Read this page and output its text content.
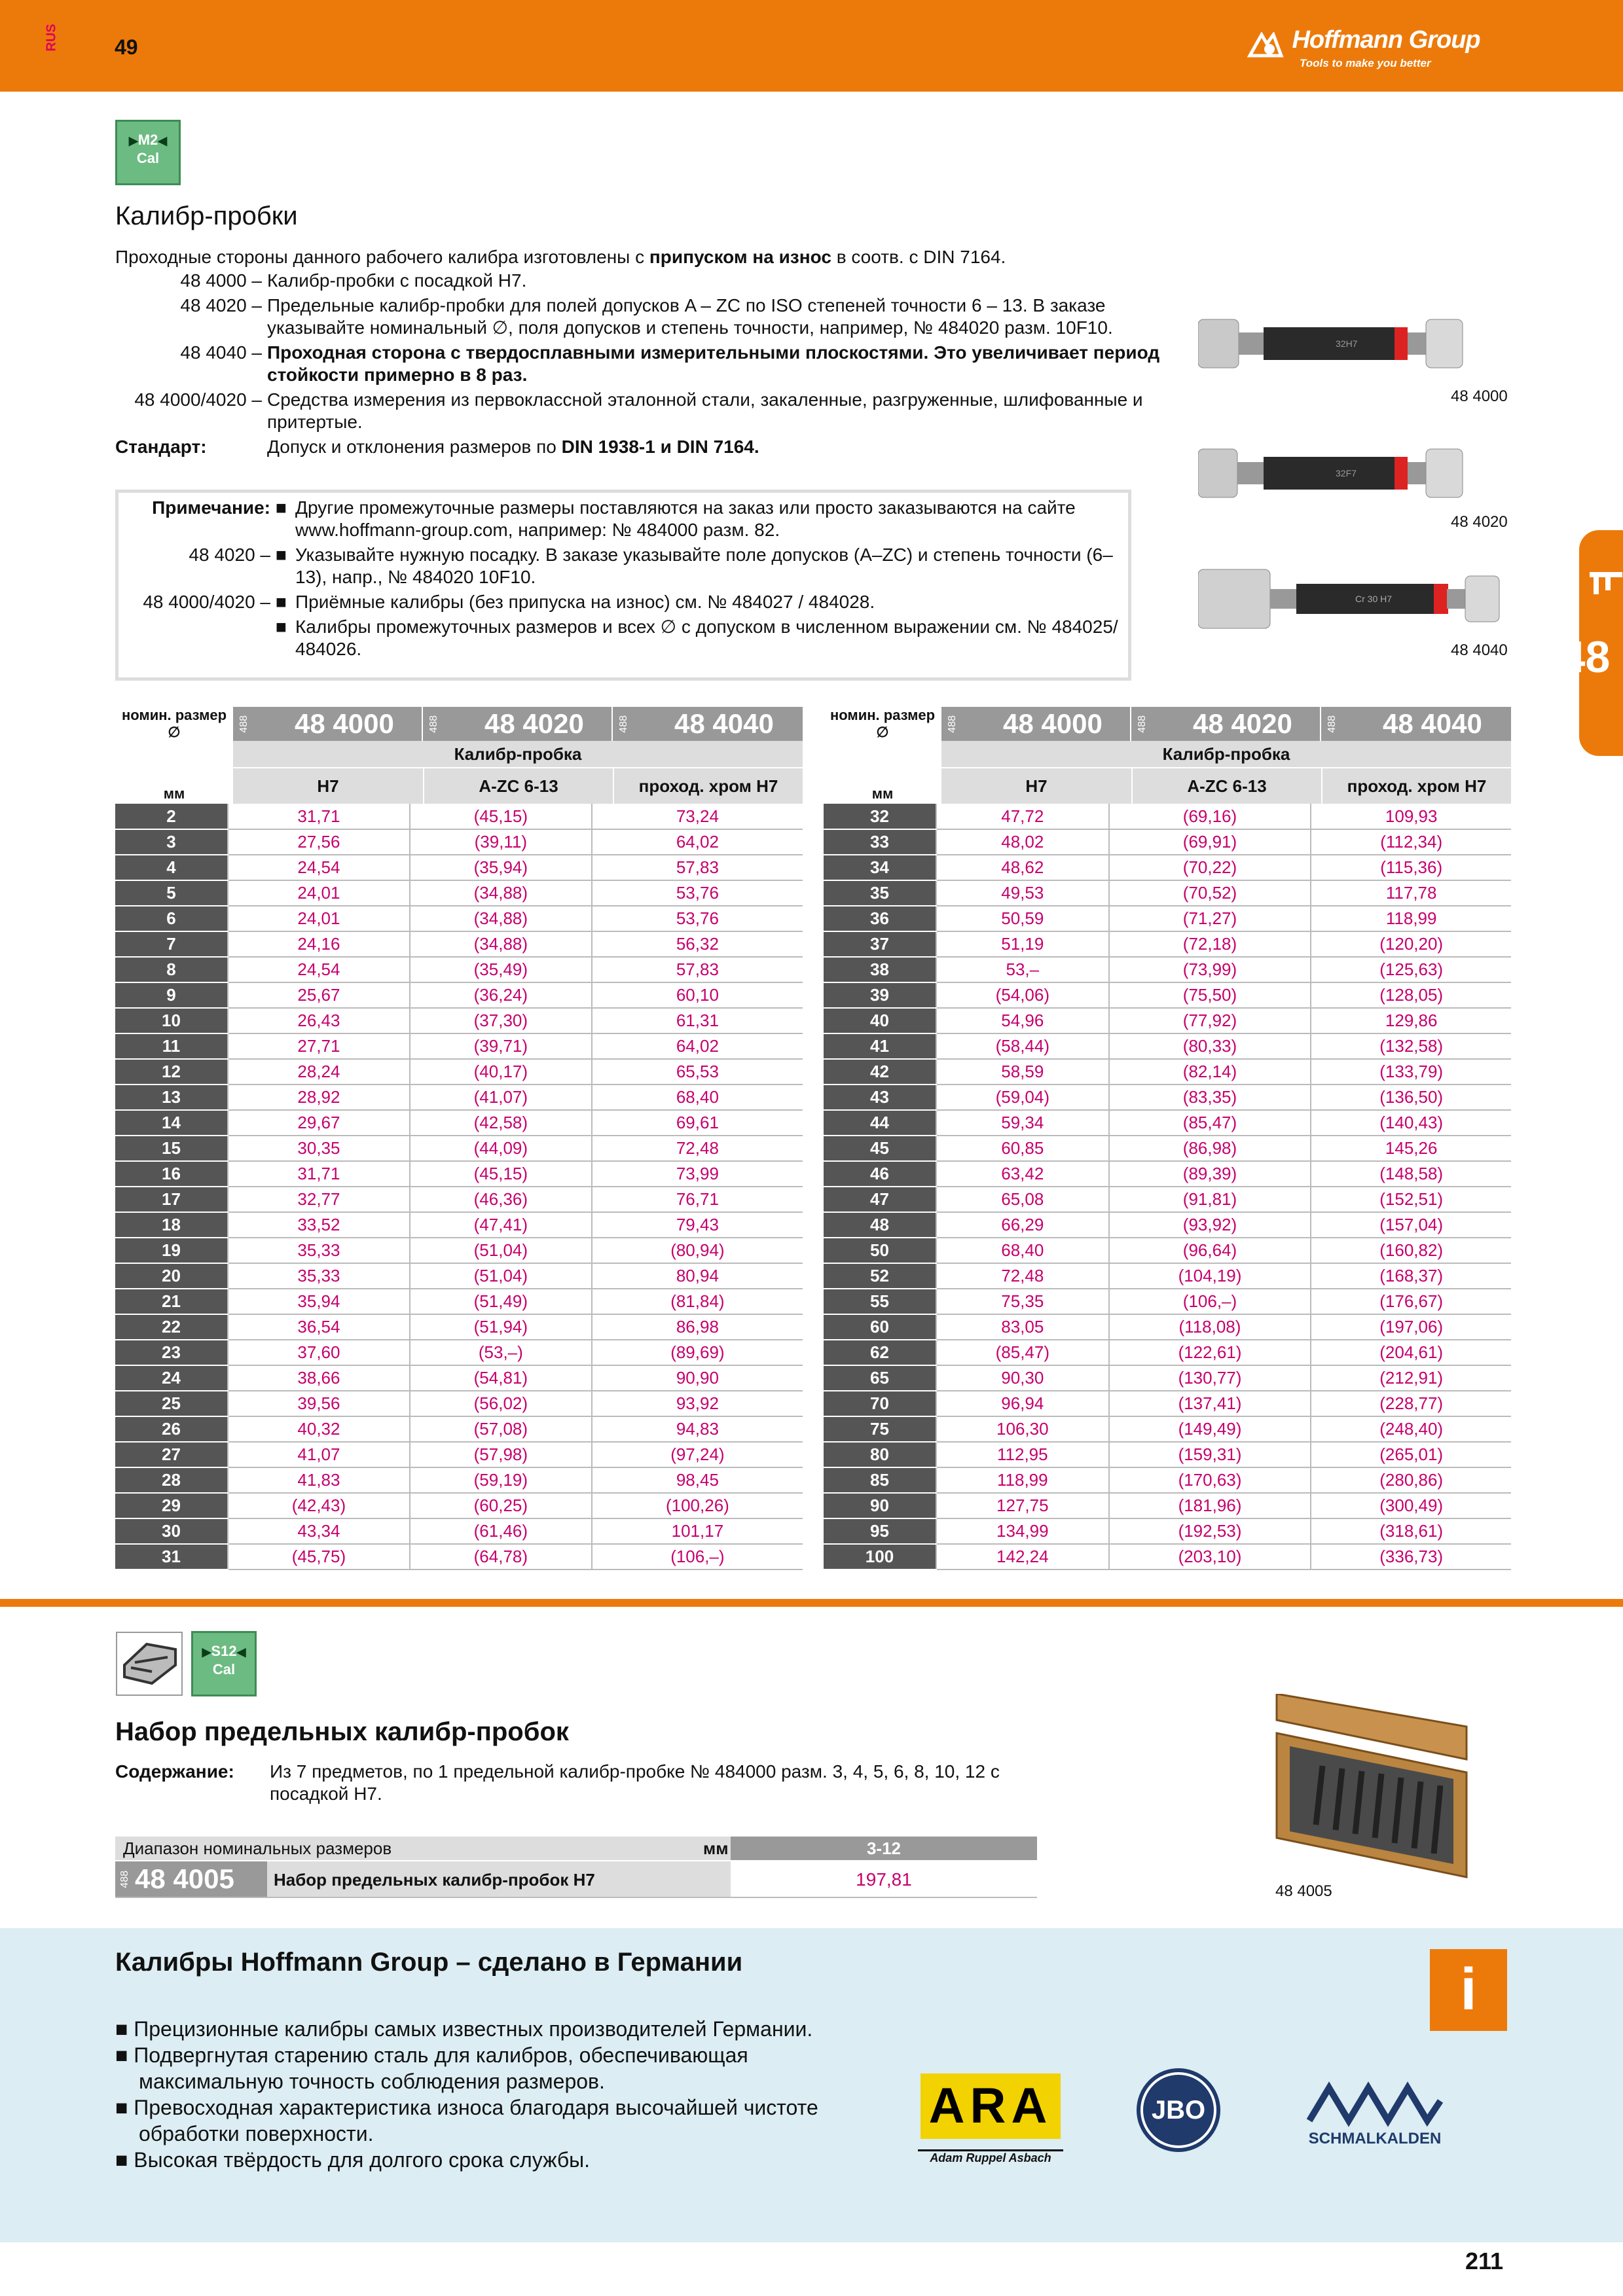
RUS	49	Hoffmann Group
Tools to make you better
▶M2◀
Cal
Калибр-пробки
Проходные стороны данного рабочего калибра изготовлены с припуском на износ в соотв. с DIN 7164.
48 4000 –	Калибр-пробки с посадкой H7.
48 4020 –	Предельные калибр-пробки для полей допусков A – ZC по ISO степеней точности 6 – 13. В заказе указывайте номинальный ∅, поля допусков и степень точности, например, № 484020 разм. 10F10.
48 4040 –	Проходная сторона с твердосплавными измерительными плоскостями. Это увеличивает период стойкости примерно в 8 раз.
48 4000/4020 –	Средства измерения из первоклассной эталонной стали, закаленные, разгруженные, шлифованные и притертые.
Стандарт:	Допуск и отклонения размеров по DIN 1938-1 и DIN 7164.
Примечание:	■	Другие промежуточные размеры поставляются на заказ или просто заказываются на сайте www.hoffmann-group.com, например: № 484000 разм. 82.
48 4020 –	■	Указывайте нужную посадку. В заказе указывайте поле допусков (A–ZC) и степень точности (6–13), напр., № 484020 10F10.
48 4000/4020 –	■	Приёмные калибры (без припуска на износ) см. № 484027 / 484028.
	■	Калибры промежуточных размеров и всех ∅ с допуском в численном выражении см. № 484025/ 484026.
32H7
48 4000
32F7
48 4020
Cr 30 H7
48 4040 48
номин. размер ∅	488 48 4000	488 48 4020	488 48 4040
Калибр-пробка
мм	H7	A-ZC 6-13	проход. хром H7
2	31,71	(45,15)	73,24
3	27,56	(39,11)	64,02
4	24,54	(35,94)	57,83
5	24,01	(34,88)	53,76
6	24,01	(34,88)	53,76
7	24,16	(34,88)	56,32
8	24,54	(35,49)	57,83
9	25,67	(36,24)	60,10
10	26,43	(37,30)	61,31
11	27,71	(39,71)	64,02
12	28,24	(40,17)	65,53
13	28,92	(41,07)	68,40
14	29,67	(42,58)	69,61
15	30,35	(44,09)	72,48
16	31,71	(45,15)	73,99
17	32,77	(46,36)	76,71
18	33,52	(47,41)	79,43
19	35,33	(51,04)	(80,94)
20	35,33	(51,04)	80,94
21	35,94	(51,49)	(81,84)
22	36,54	(51,94)	86,98
23	37,60	(53,–)	(89,69)
24	38,66	(54,81)	90,90
25	39,56	(56,02)	93,92
26	40,32	(57,08)	94,83
27	41,07	(57,98)	(97,24)
28	41,83	(59,19)	98,45
29	(42,43)	(60,25)	(100,26)
30	43,34	(61,46)	101,17
31	(45,75)	(64,78)	(106,–)
номин. размер ∅	488 48 4000	488 48 4020	488 48 4040
Калибр-пробка
мм	H7	A-ZC 6-13	проход. хром H7
32	47,72	(69,16)	109,93
33	48,02	(69,91)	(112,34)
34	48,62	(70,22)	(115,36)
35	49,53	(70,52)	117,78
36	50,59	(71,27)	118,99
37	51,19	(72,18)	(120,20)
38	53,–	(73,99)	(125,63)
39	(54,06)	(75,50)	(128,05)
40	54,96	(77,92)	129,86
41	(58,44)	(80,33)	(132,58)
42	58,59	(82,14)	(133,79)
43	(59,04)	(83,35)	(136,50)
44	59,34	(85,47)	(140,43)
45	60,85	(86,98)	145,26
46	63,42	(89,39)	(148,58)
47	65,08	(91,81)	(152,51)
48	66,29	(93,92)	(157,04)
50	68,40	(96,64)	(160,82)
52	72,48	(104,19)	(168,37)
55	75,35	(106,–)	(176,67)
60	83,05	(118,08)	(197,06)
62	(85,47)	(122,61)	(204,61)
65	90,30	(130,77)	(212,91)
70	96,94	(137,41)	(228,77)
75	106,30	(149,49)	(248,40)
80	112,95	(159,31)	(265,01)
85	118,99	(170,63)	(280,86)
90	127,75	(181,96)	(300,49)
95	134,99	(192,53)	(318,61)
100	142,24	(203,10)	(336,73)
▶S12◀
Cal
Набор предельных калибр-пробок
Содержание: Из 7 предметов, по 1 предельной калибр-пробке № 484000 разм. 3, 4, 5, 6, 8, 10, 12 с посадкой H7.
Диапазон номинальных размеров	мм	3-12
488 48 4005	Набор предельных калибр-пробок H7	197,81
48 4005
Калибры Hoffmann Group – сделано в Германии	i
■ Прецизионные калибры самых известных производителей Германии.
■ Подвергнутая старению сталь для калибров, обеспечивающая максимальную точность соблюдения размеров.
■ Превосходная характеристика износа благодаря высочайшей чистоте обработки поверхности.
■ Высокая твёрдость для долгого срока службы.
ARA
Adam Ruppel Asbach
JBO
SCHMALKALDEN
211
